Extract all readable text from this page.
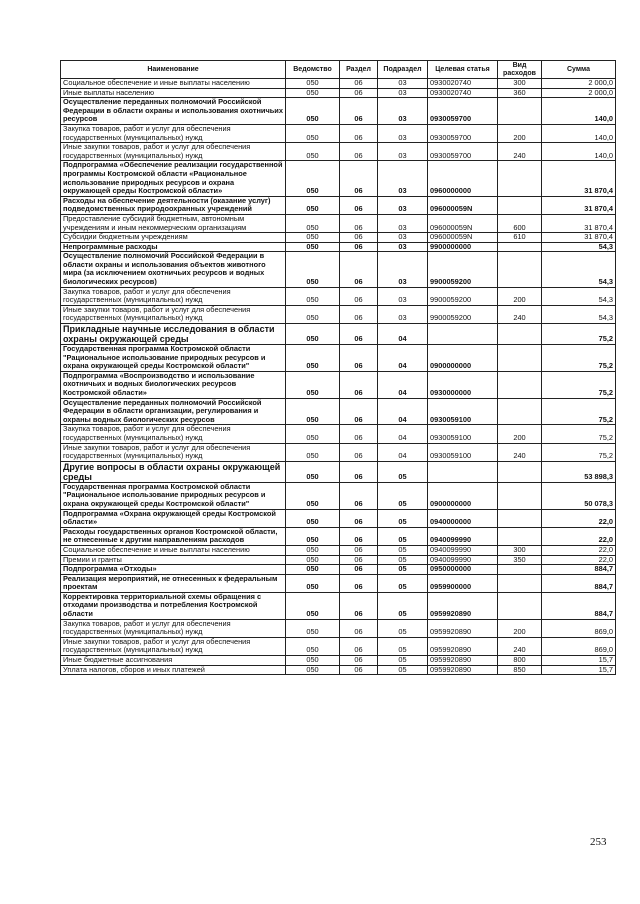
Наименование	Ведомство	Раздел	Подраздел	Целевая статья	Вид расходов	Сумма
Социальное обеспечение и иные выплаты населению	050	06	03	0930020740	300	2 000,0
Иные выплаты населению	050	06	03	0930020740	360	2 000,0
Осуществление переданных полномочий Российской Федерации в области охраны и использования охотничьих ресурсов	050	06	03	0930059700		140,0
Закупка товаров, работ и услуг для обеспечения государственных (муниципальных) нужд	050	06	03	0930059700	200	140,0
Иные закупки товаров, работ и услуг для обеспечения государственных (муниципальных) нужд	050	06	03	0930059700	240	140,0
Подпрограмма «Обеспечение реализации государственной программы Костромской области «Рациональное использование природных ресурсов и охрана окружающей среды Костромской области»	050	06	03	0960000000		31 870,4
Расходы на обеспечение деятельности (оказание услуг) подведомственных природоохранных учреждений	050	06	03	096000059N		31 870,4
Предоставление субсидий бюджетным, автономным учреждениям и иным некоммерческим организациям	050	06	03	096000059N	600	31 870,4
Субсидии бюджетным учреждениям	050	06	03	096000059N	610	31 870,4
Непрограммные расходы	050	06	03	9900000000		54,3
Осуществление полномочий Российской Федерации в области охраны и использования объектов животного мира (за исключением охотничьих ресурсов и водных биологических ресурсов)	050	06	03	9900059200		54,3
Закупка товаров, работ и услуг для обеспечения государственных (муниципальных) нужд	050	06	03	9900059200	200	54,3
Иные закупки товаров, работ и услуг для обеспечения государственных (муниципальных) нужд	050	06	03	9900059200	240	54,3
Прикладные научные исследования в области охраны окружающей среды	050	06	04			75,2
Государственная программа Костромской области "Рациональное использование природных ресурсов и охрана окружающей среды Костромской области"	050	06	04	0900000000		75,2
Подпрограмма «Воспроизводство и использование охотничьих и водных биологических ресурсов Костромской области»	050	06	04	0930000000		75,2
Осуществление переданных полномочий Российской Федерации в области организации, регулирования и охраны водных биологических ресурсов	050	06	04	0930059100		75,2
Закупка товаров, работ и услуг для обеспечения государственных (муниципальных) нужд	050	06	04	0930059100	200	75,2
Иные закупки товаров, работ и услуг для обеспечения государственных (муниципальных) нужд	050	06	04	0930059100	240	75,2
Другие вопросы в области охраны окружающей среды	050	06	05			53 898,3
Государственная программа Костромской области "Рациональное использование природных ресурсов и охрана окружающей среды Костромской области"	050	06	05	0900000000		50 078,3
Подпрограмма «Охрана окружающей среды Костромской области»	050	06	05	0940000000		22,0
Расходы государственных органов Костромской области, не отнесенные к другим направлениям расходов	050	06	05	0940099990		22,0
Социальное обеспечение и иные выплаты населению	050	06	05	0940099990	300	22,0
Премии и гранты	050	06	05	0940099990	350	22,0
Подпрограмма «Отходы»	050	06	05	0950000000		884,7
Реализация мероприятий, не отнесенных к федеральным проектам	050	06	05	0959900000		884,7
Корректировка территориальной схемы обращения с отходами производства и потребления Костромской области	050	06	05	0959920890		884,7
Закупка товаров, работ и услуг для обеспечения государственных (муниципальных) нужд	050	06	05	0959920890	200	869,0
Иные закупки товаров, работ и услуг для обеспечения государственных (муниципальных) нужд	050	06	05	0959920890	240	869,0
Иные бюджетные ассигнования	050	06	05	0959920890	800	15,7
Уплата налогов, сборов и иных платежей	050	06	05	0959920890	850	15,7
253
